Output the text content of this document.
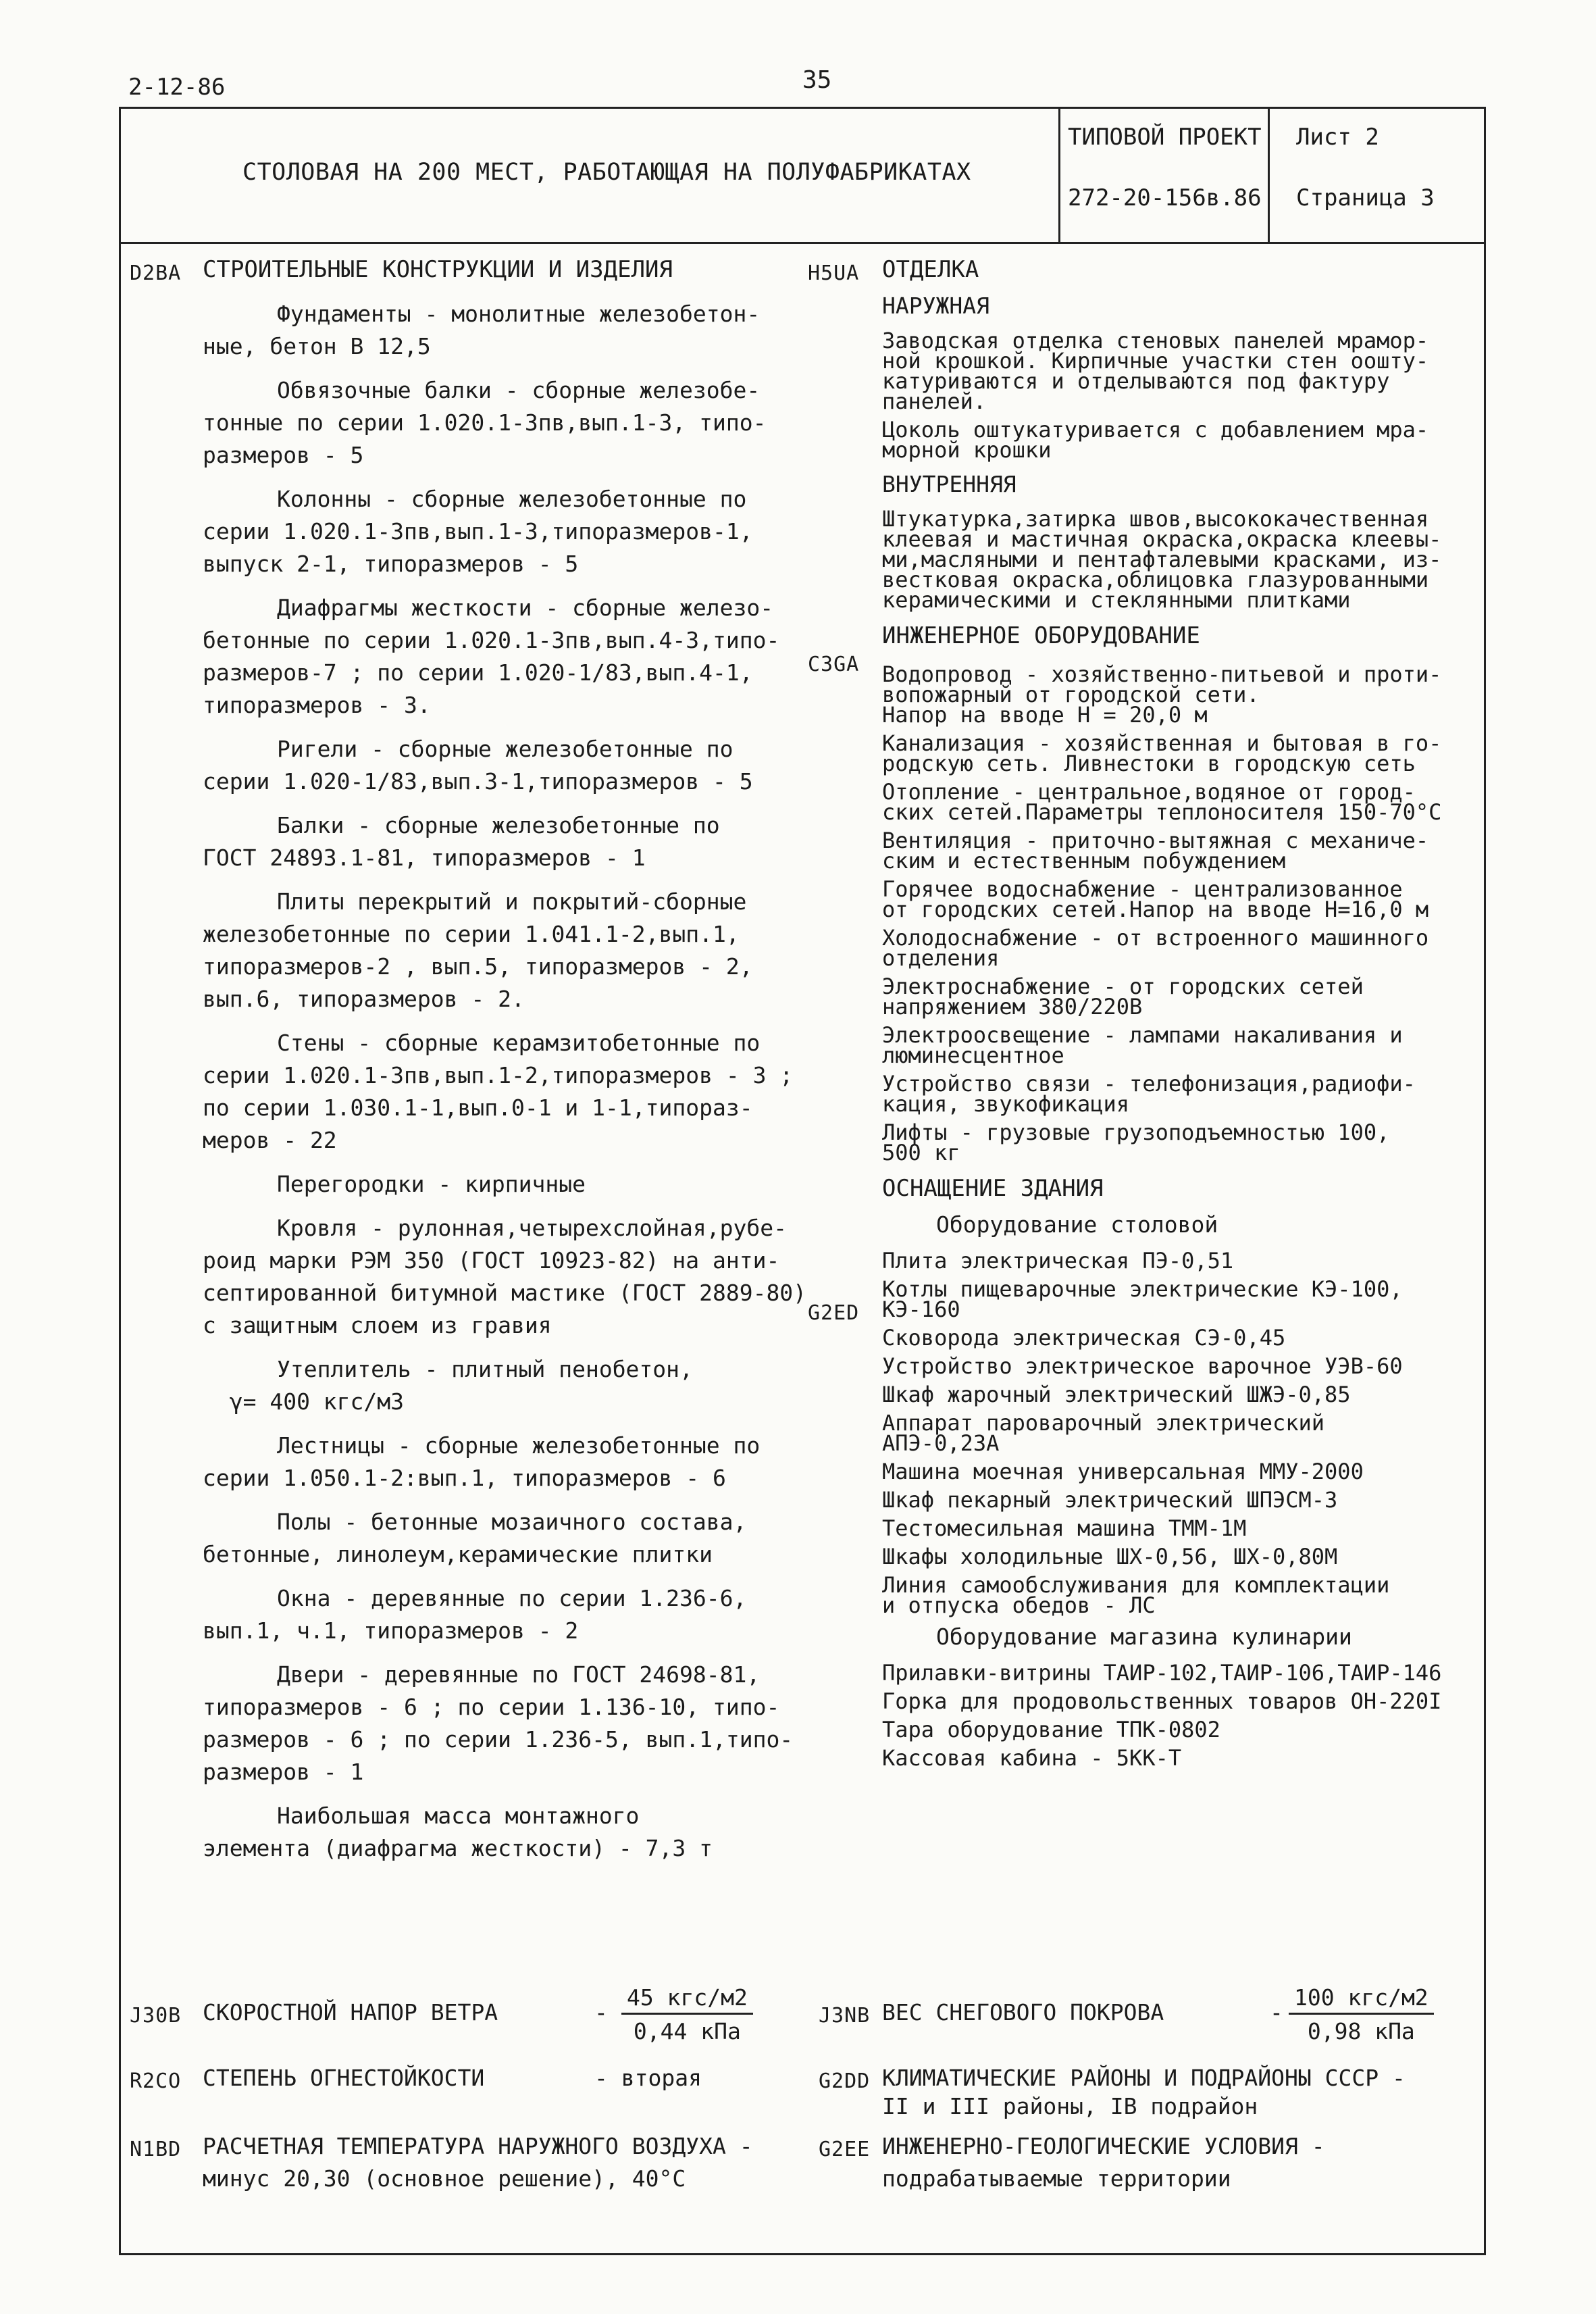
2-12-86	35
СТОЛОВАЯ НА 200 МЕСТ, РАБОТАЮЩАЯ НА ПОЛУФАБРИКАТАХ
ТИПОВОЙ ПРОЕКТ
272-20-156в.86
Лист 2
Страница 3
D2BA СТРОИТЕЛЬНЫЕ КОНСТРУКЦИИ И ИЗДЕЛИЯ
Фундаменты - монолитные железобетон-
ные, бетон В 12,5
Обвязочные балки - сборные железобе-
тонные по серии 1.020.1-3пв,вып.1-3, типо-
размеров - 5
Колонны - сборные железобетонные по
серии 1.020.1-3пв,вып.1-3,типоразмеров-1,
выпуск 2-1, типоразмеров - 5
Диафрагмы жесткости - сборные железо-
бетонные по серии 1.020.1-3пв,вып.4-3,типо-
размеров-7 ; по серии 1.020-1/83,вып.4-1,
типоразмеров - 3.
Ригели - сборные железобетонные по
серии 1.020-1/83,вып.3-1,типоразмеров - 5
Балки - сборные железобетонные по
ГОСТ 24893.1-81, типоразмеров - 1
Плиты перекрытий и покрытий-сборные
железобетонные по серии 1.041.1-2,вып.1,
типоразмеров-2 , вып.5, типоразмеров - 2,
вып.6, типоразмеров - 2.
Стены - сборные керамзитобетонные по
серии 1.020.1-3пв,вып.1-2,типоразмеров - 3 ;
по серии 1.030.1-1,вып.0-1 и 1-1,типораз-
меров - 22
Перегородки - кирпичные
Кровля - рулонная,четырехслойная,рубе-
роид марки РЭМ 350 (ГОСТ 10923-82) на анти-
септированной битумной мастике (ГОСТ 2889-80)
с защитным слоем из гравия
Утеплитель - плитный пенобетон,
γ= 400 кгс/м3
Лестницы - сборные железобетонные по
серии 1.050.1-2:вып.1, типоразмеров - 6
Полы - бетонные мозаичного состава,
бетонные, линолеум,керамические плитки
Окна - деревянные по серии 1.236-6,
вып.1, ч.1, типоразмеров - 2
Двери - деревянные по ГОСТ 24698-81,
типоразмеров - 6 ; по серии 1.136-10, типо-
размеров - 6 ; по серии 1.236-5, вып.1,типо-
размеров - 1
Наибольшая масса монтажного
элемента (диафрагма жесткости) - 7,3 т
H5UA
C3GA
G2ED
ОТДЕЛКА
НАРУЖНАЯ
Заводская отделка стеновых панелей мрамор-
ной крошкой. Кирпичные участки стен оошту-
катуриваются и отделываются под фактуру
панелей.
Цоколь оштукатуривается с добавлением мра-
морной крошки
ВНУТРЕННЯЯ
Штукатурка,затирка швов,высококачественная
клеевая и мастичная окраска,окраска клеевы-
ми,масляными и пентафталевыми красками, из-
вестковая окраска,облицовка глазурованными
керамическими и стеклянными плитками
ИНЖЕНЕРНОЕ ОБОРУДОВАНИЕ
Водопровод - хозяйственно-питьевой и проти-
вопожарный от городской сети.
Напор на вводе H = 20,0 м
Канализация - хозяйственная и бытовая в го-
родскую сеть. Ливнестоки в городскую сеть
Отопление - центральное,водяное от город-
ских сетей.Параметры теплоносителя 150-70°С
Вентиляция - приточно-вытяжная с механиче-
ским и естественным побуждением
Горячее водоснабжение - централизованное
от городских сетей.Напор на вводе H=16,0 м
Холодоснабжение - от встроенного машинного
отделения
Электроснабжение - от городских сетей
напряжением 380/220В
Электроосвещение - лампами накаливания и
люминесцентное
Устройство связи - телефонизация,радиофи-
кация, звукофикация
Лифты - грузовые грузоподъемностью 100,
500 кг
ОСНАЩЕНИЕ ЗДАНИЯ
Оборудование столовой
Плита электрическая ПЭ-0,51
Котлы пищеварочные электрические КЭ-100,
КЭ-160
Сковорода электрическая СЭ-0,45
Устройство электрическое варочное УЭВ-60
Шкаф жарочный электрический ШЖЭ-0,85
Аппарат пароварочный электрический
АПЭ-0,23А
Машина моечная универсальная ММУ-2000
Шкаф пекарный электрический ШПЭСМ-3
Тестомесильная машина ТММ-1М
Шкафы холодильные ШХ-0,56, ШХ-0,80М
Линия самообслуживания для комплектации
и отпуска обедов - ЛС
Оборудование магазина кулинарии
Прилавки-витрины ТАИР-102,ТАИР-106,ТАИР-146
Горка для продовольственных товаров ОН-220І
Тара оборудование ТПК-0802
Кассовая кабина - 5КК-Т
J30B СКОРОСТНОЙ НАПОР ВЕТРА	-
45 кгс/м2
0,44 кПа
J3NB ВЕС СНЕГОВОГО ПОКРОВА	-
100 кгс/м2
0,98 кПа
R2CO СТЕПЕНЬ ОГНЕСТОЙКОСТИ	- вторая	G2DD КЛИМАТИЧЕСКИЕ РАЙОНЫ И ПОДРАЙОНЫ СССР -
II и III районы, IB подрайон
N1BD РАСЧЕТНАЯ ТЕМПЕРАТУРА НАРУЖНОГО ВОЗДУХА -
минус 20,30 (основное решение), 40°С
G2EE ИНЖЕНЕРНО-ГЕОЛОГИЧЕСКИЕ УСЛОВИЯ -
подрабатываемые территории
